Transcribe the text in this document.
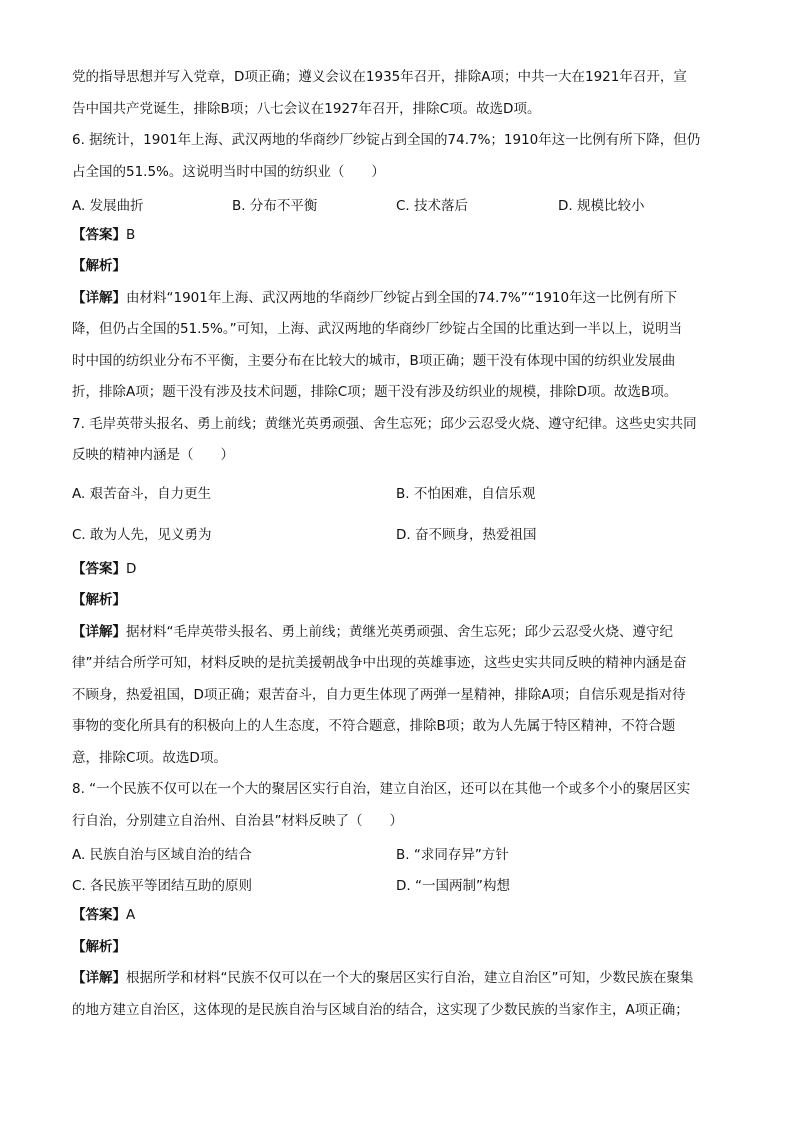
党的指导思想并写入党章，D项正确；遵义会议在1935年召开，排除A项；中共一大在1921年召开，宣

告中国共产党诞生，排除B项；八七会议在1927年召开，排除C项。故选D项。

6. 据统计，1901年上海、武汉两地的华商纱厂纱锭占到全国的74.7%；1910年这一比例有所下降，但仍

占全国的51.5%。这说明当时中国的纺织业（　　）

A. 发展曲折	B. 分布不平衡	C. 技术落后	D. 规模比较小

【答案】B

【解析】

【详解】由材料“1901年上海、武汉两地的华商纱厂纱锭占到全国的74.7%”“1910年这一比例有所下

降，但仍占全国的51.5%。”可知，上海、武汉两地的华商纱厂纱锭占全国的比重达到一半以上，说明当

时中国的纺织业分布不平衡，主要分布在比较大的城市，B项正确；题干没有体现中国的纺织业发展曲

折，排除A项；题干没有涉及技术问题，排除C项；题干没有涉及纺织业的规模，排除D项。故选B项。

7. 毛岸英带头报名、勇上前线；黄继光英勇顽强、舍生忘死；邱少云忍受火烧、遵守纪律。这些史实共同

反映的精神内涵是（　　）

A. 艰苦奋斗，自力更生	B. 不怕困难，自信乐观
C. 敢为人先，见义勇为	D. 奋不顾身，热爱祖国

【答案】D

【解析】

【详解】据材料“毛岸英带头报名、勇上前线；黄继光英勇顽强、舍生忘死；邱少云忍受火烧、遵守纪

律”并结合所学可知，材料反映的是抗美援朝战争中出现的英雄事迹，这些史实共同反映的精神内涵是奋

不顾身，热爱祖国，D项正确；艰苦奋斗，自力更生体现了两弹一星精神，排除A项；自信乐观是指对待

事物的变化所具有的积极向上的人生态度，不符合题意，排除B项；敢为人先属于特区精神，不符合题

意，排除C项。故选D项。

8. “一个民族不仅可以在一个大的聚居区实行自治，建立自治区，还可以在其他一个或多个小的聚居区实

行自治，分别建立自治州、自治县”材料反映了（　　）

A. 民族自治与区域自治的结合	B. “求同存异”方针
C. 各民族平等团结互助的原则	D. “一国两制”构想

【答案】A

【解析】

【详解】根据所学和材料“民族不仅可以在一个大的聚居区实行自治，建立自治区”可知，少数民族在聚集

的地方建立自治区，这体现的是民族自治与区域自治的结合，这实现了少数民族的当家作主，A项正确；
